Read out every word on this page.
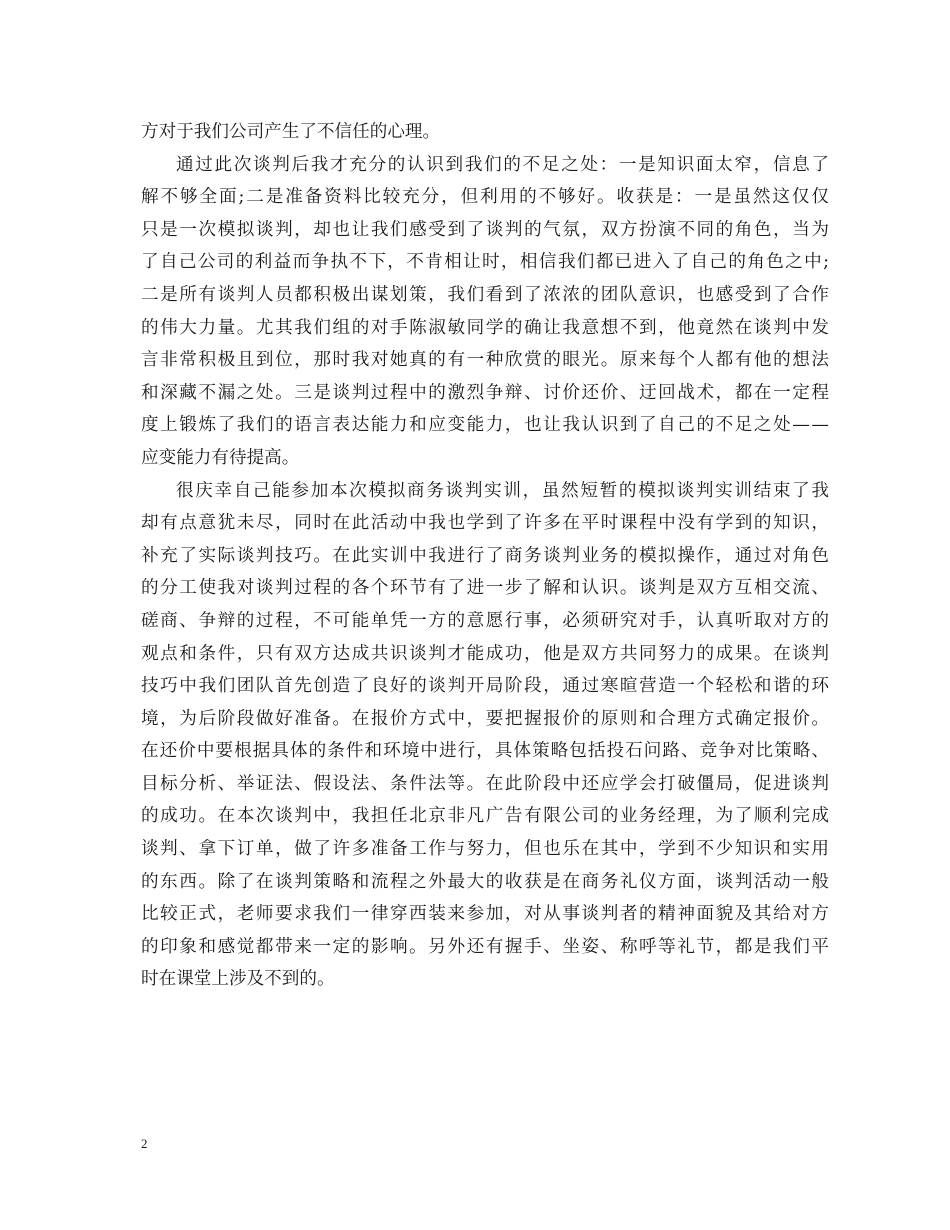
方对于我们公司产生了不信任的心理。
通过此次谈判后我才充分的认识到我们的不足之处：一是知识面太窄，信息了
解不够全面;二是准备资料比较充分，但利用的不够好。收获是：一是虽然这仅仅
只是一次模拟谈判，却也让我们感受到了谈判的气氛，双方扮演不同的角色，当为
了自己公司的利益而争执不下，不肯相让时，相信我们都已进入了自己的角色之中;
二是所有谈判人员都积极出谋划策，我们看到了浓浓的团队意识，也感受到了合作
的伟大力量。尤其我们组的对手陈淑敏同学的确让我意想不到，他竟然在谈判中发
言非常积极且到位，那时我对她真的有一种欣赏的眼光。原来每个人都有他的想法
和深藏不漏之处。三是谈判过程中的激烈争辩、讨价还价、迂回战术，都在一定程
度上锻炼了我们的语言表达能力和应变能力，也让我认识到了自己的不足之处——
应变能力有待提高。
很庆幸自己能参加本次模拟商务谈判实训，虽然短暂的模拟谈判实训结束了我
却有点意犹未尽，同时在此活动中我也学到了许多在平时课程中没有学到的知识，
补充了实际谈判技巧。在此实训中我进行了商务谈判业务的模拟操作，通过对角色
的分工使我对谈判过程的各个环节有了进一步了解和认识。谈判是双方互相交流、
磋商、争辩的过程，不可能单凭一方的意愿行事，必须研究对手，认真听取对方的
观点和条件，只有双方达成共识谈判才能成功，他是双方共同努力的成果。在谈判
技巧中我们团队首先创造了良好的谈判开局阶段，通过寒暄营造一个轻松和谐的环
境，为后阶段做好准备。在报价方式中，要把握报价的原则和合理方式确定报价。
在还价中要根据具体的条件和环境中进行，具体策略包括投石问路、竞争对比策略、
目标分析、举证法、假设法、条件法等。在此阶段中还应学会打破僵局，促进谈判
的成功。在本次谈判中，我担任北京非凡广告有限公司的业务经理，为了顺利完成
谈判、拿下订单，做了许多准备工作与努力，但也乐在其中，学到不少知识和实用
的东西。除了在谈判策略和流程之外最大的收获是在商务礼仪方面，谈判活动一般
比较正式，老师要求我们一律穿西装来参加，对从事谈判者的精神面貌及其给对方
的印象和感觉都带来一定的影响。另外还有握手、坐姿、称呼等礼节，都是我们平
时在课堂上涉及不到的。
2
